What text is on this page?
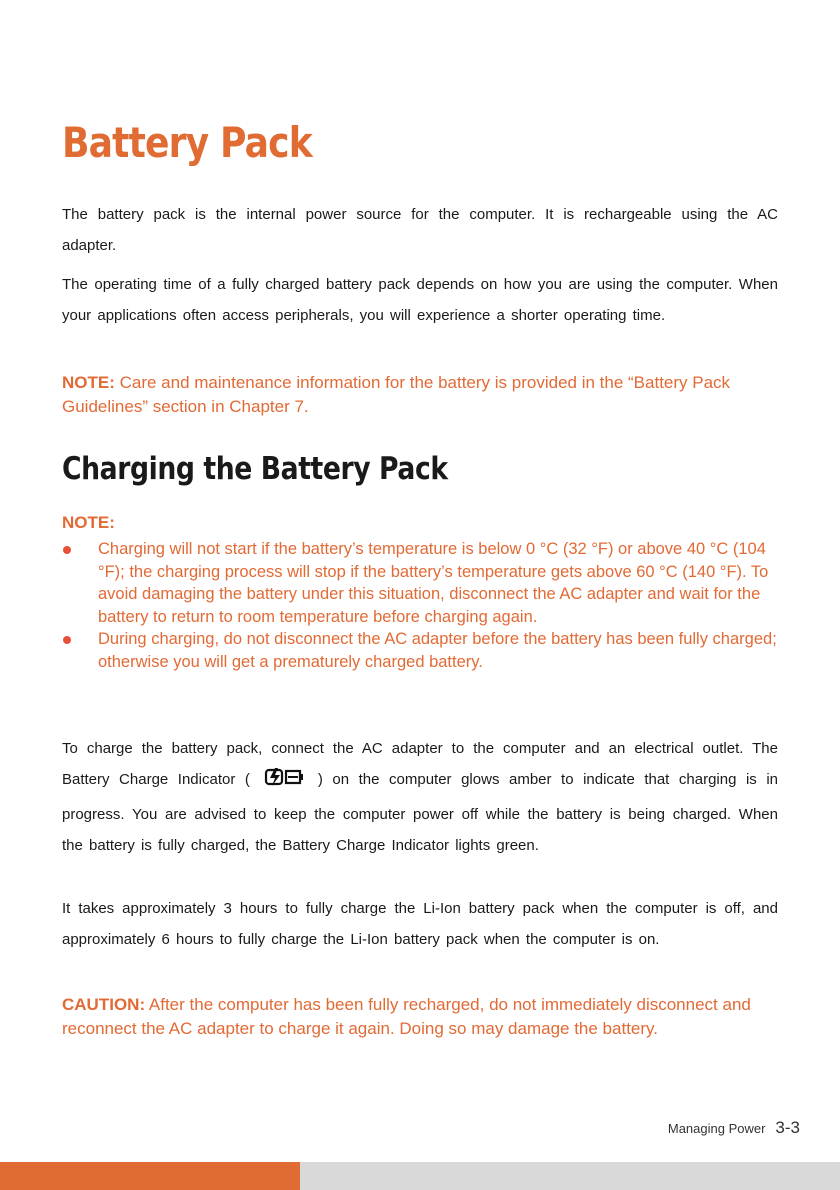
Battery Pack

The battery pack is the internal power source for the computer. It is rechargeable using the AC adapter.

The operating time of a fully charged battery pack depends on how you are using the computer. When your applications often access peripherals, you will experience a shorter operating time.

NOTE: Care and maintenance information for the battery is provided in the “Battery Pack Guidelines” section in Chapter 7.

Charging the Battery Pack

NOTE:

Charging will not start if the battery’s temperature is below 0 °C (32 °F) or above 40 °C (104 °F); the charging process will stop if the battery’s temperature gets above 60 °C (140 °F). To avoid damaging the battery under this situation, disconnect the AC adapter and wait for the battery to return to room temperature before charging again.
During charging, do not disconnect the AC adapter before the battery has been fully charged; otherwise you will get a prematurely charged battery.

To charge the battery pack, connect the AC adapter to the computer and an electrical outlet. The Battery Charge Indicator (	) on the computer glows amber to indicate that charging is in progress. You are advised to keep the computer power off while the battery is being charged. When the battery is fully charged, the Battery Charge Indicator lights green.

It takes approximately 3 hours to fully charge the Li-Ion battery pack when the computer is off, and approximately 6 hours to fully charge the Li-Ion battery pack when the computer is on.

CAUTION: After the computer has been fully recharged, do not immediately disconnect and reconnect the AC adapter to charge it again. Doing so may damage the battery.

Managing Power 3-3
